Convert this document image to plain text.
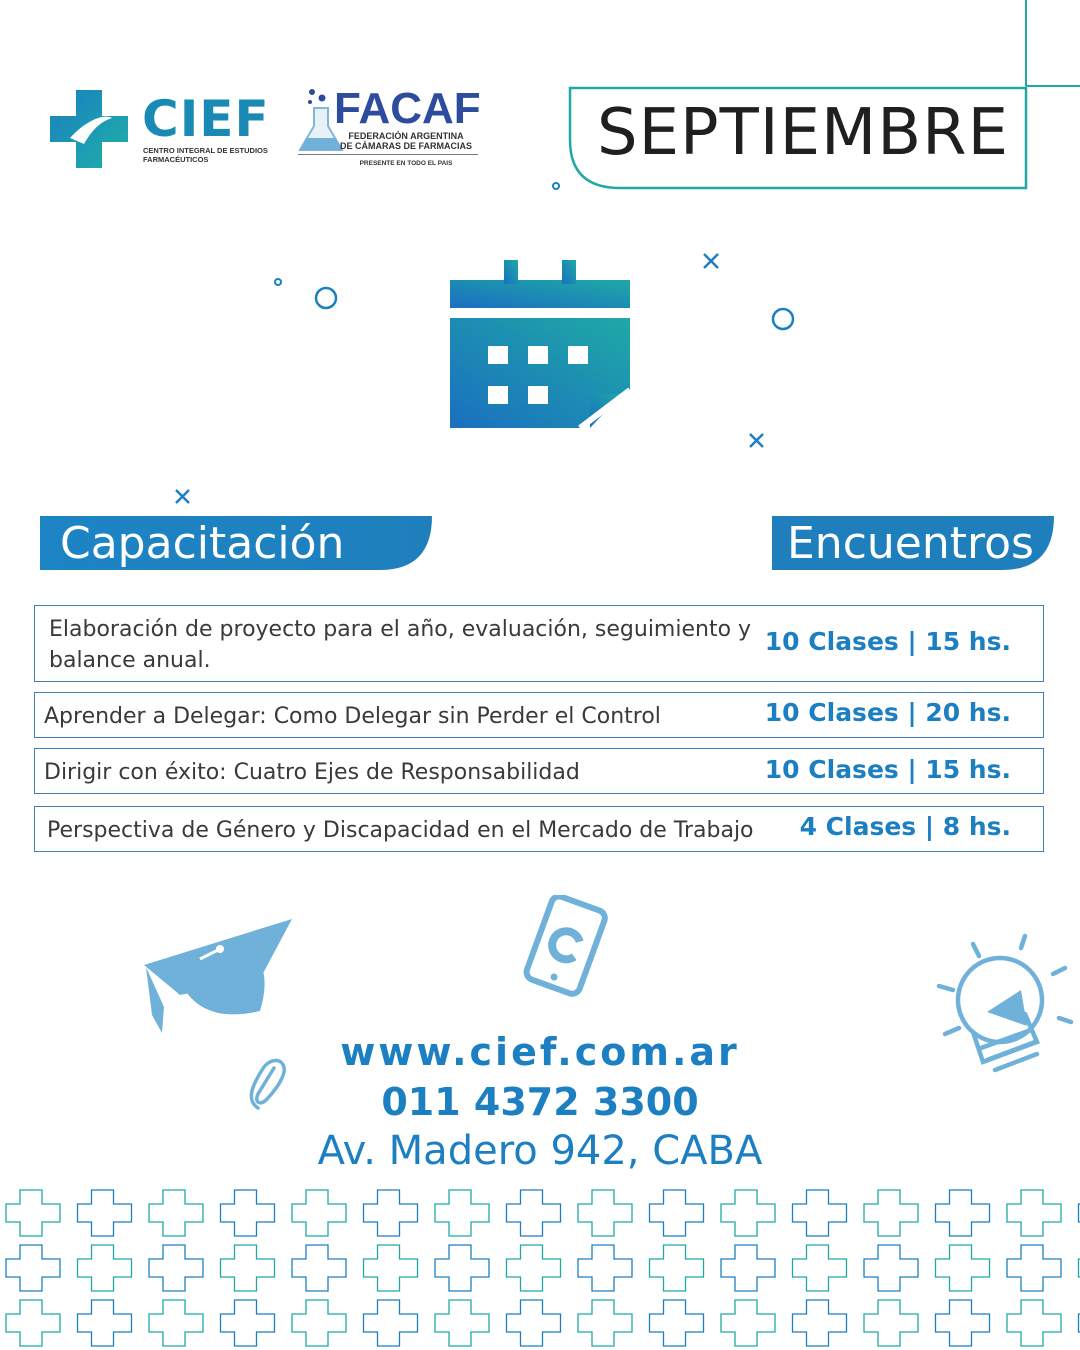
CIEF
CENTRO INTEGRAL DE ESTUDIOS
FARMACÉUTICOS
FACAF
FEDERACIÓN ARGENTINA
DE CÁMARAS DE FARMACIAS
PRESENTE EN TODO EL PAIS	SEPTIEMBRE
Capacitación	Encuentros
Elaboración de proyecto para el año, evaluación, seguimiento y balance anual.
10 Clases | 15 hs.
Aprender a Delegar: Como Delegar sin Perder el Control	10 Clases | 20 hs.
Dirigir con éxito: Cuatro Ejes de Responsabilidad	10 Clases | 15 hs.
Perspectiva de Género y Discapacidad en el Mercado de Trabajo 4 Clases | 8 hs.
www.cief.com.ar
011 4372 3300
Av. Madero 942, CABA
